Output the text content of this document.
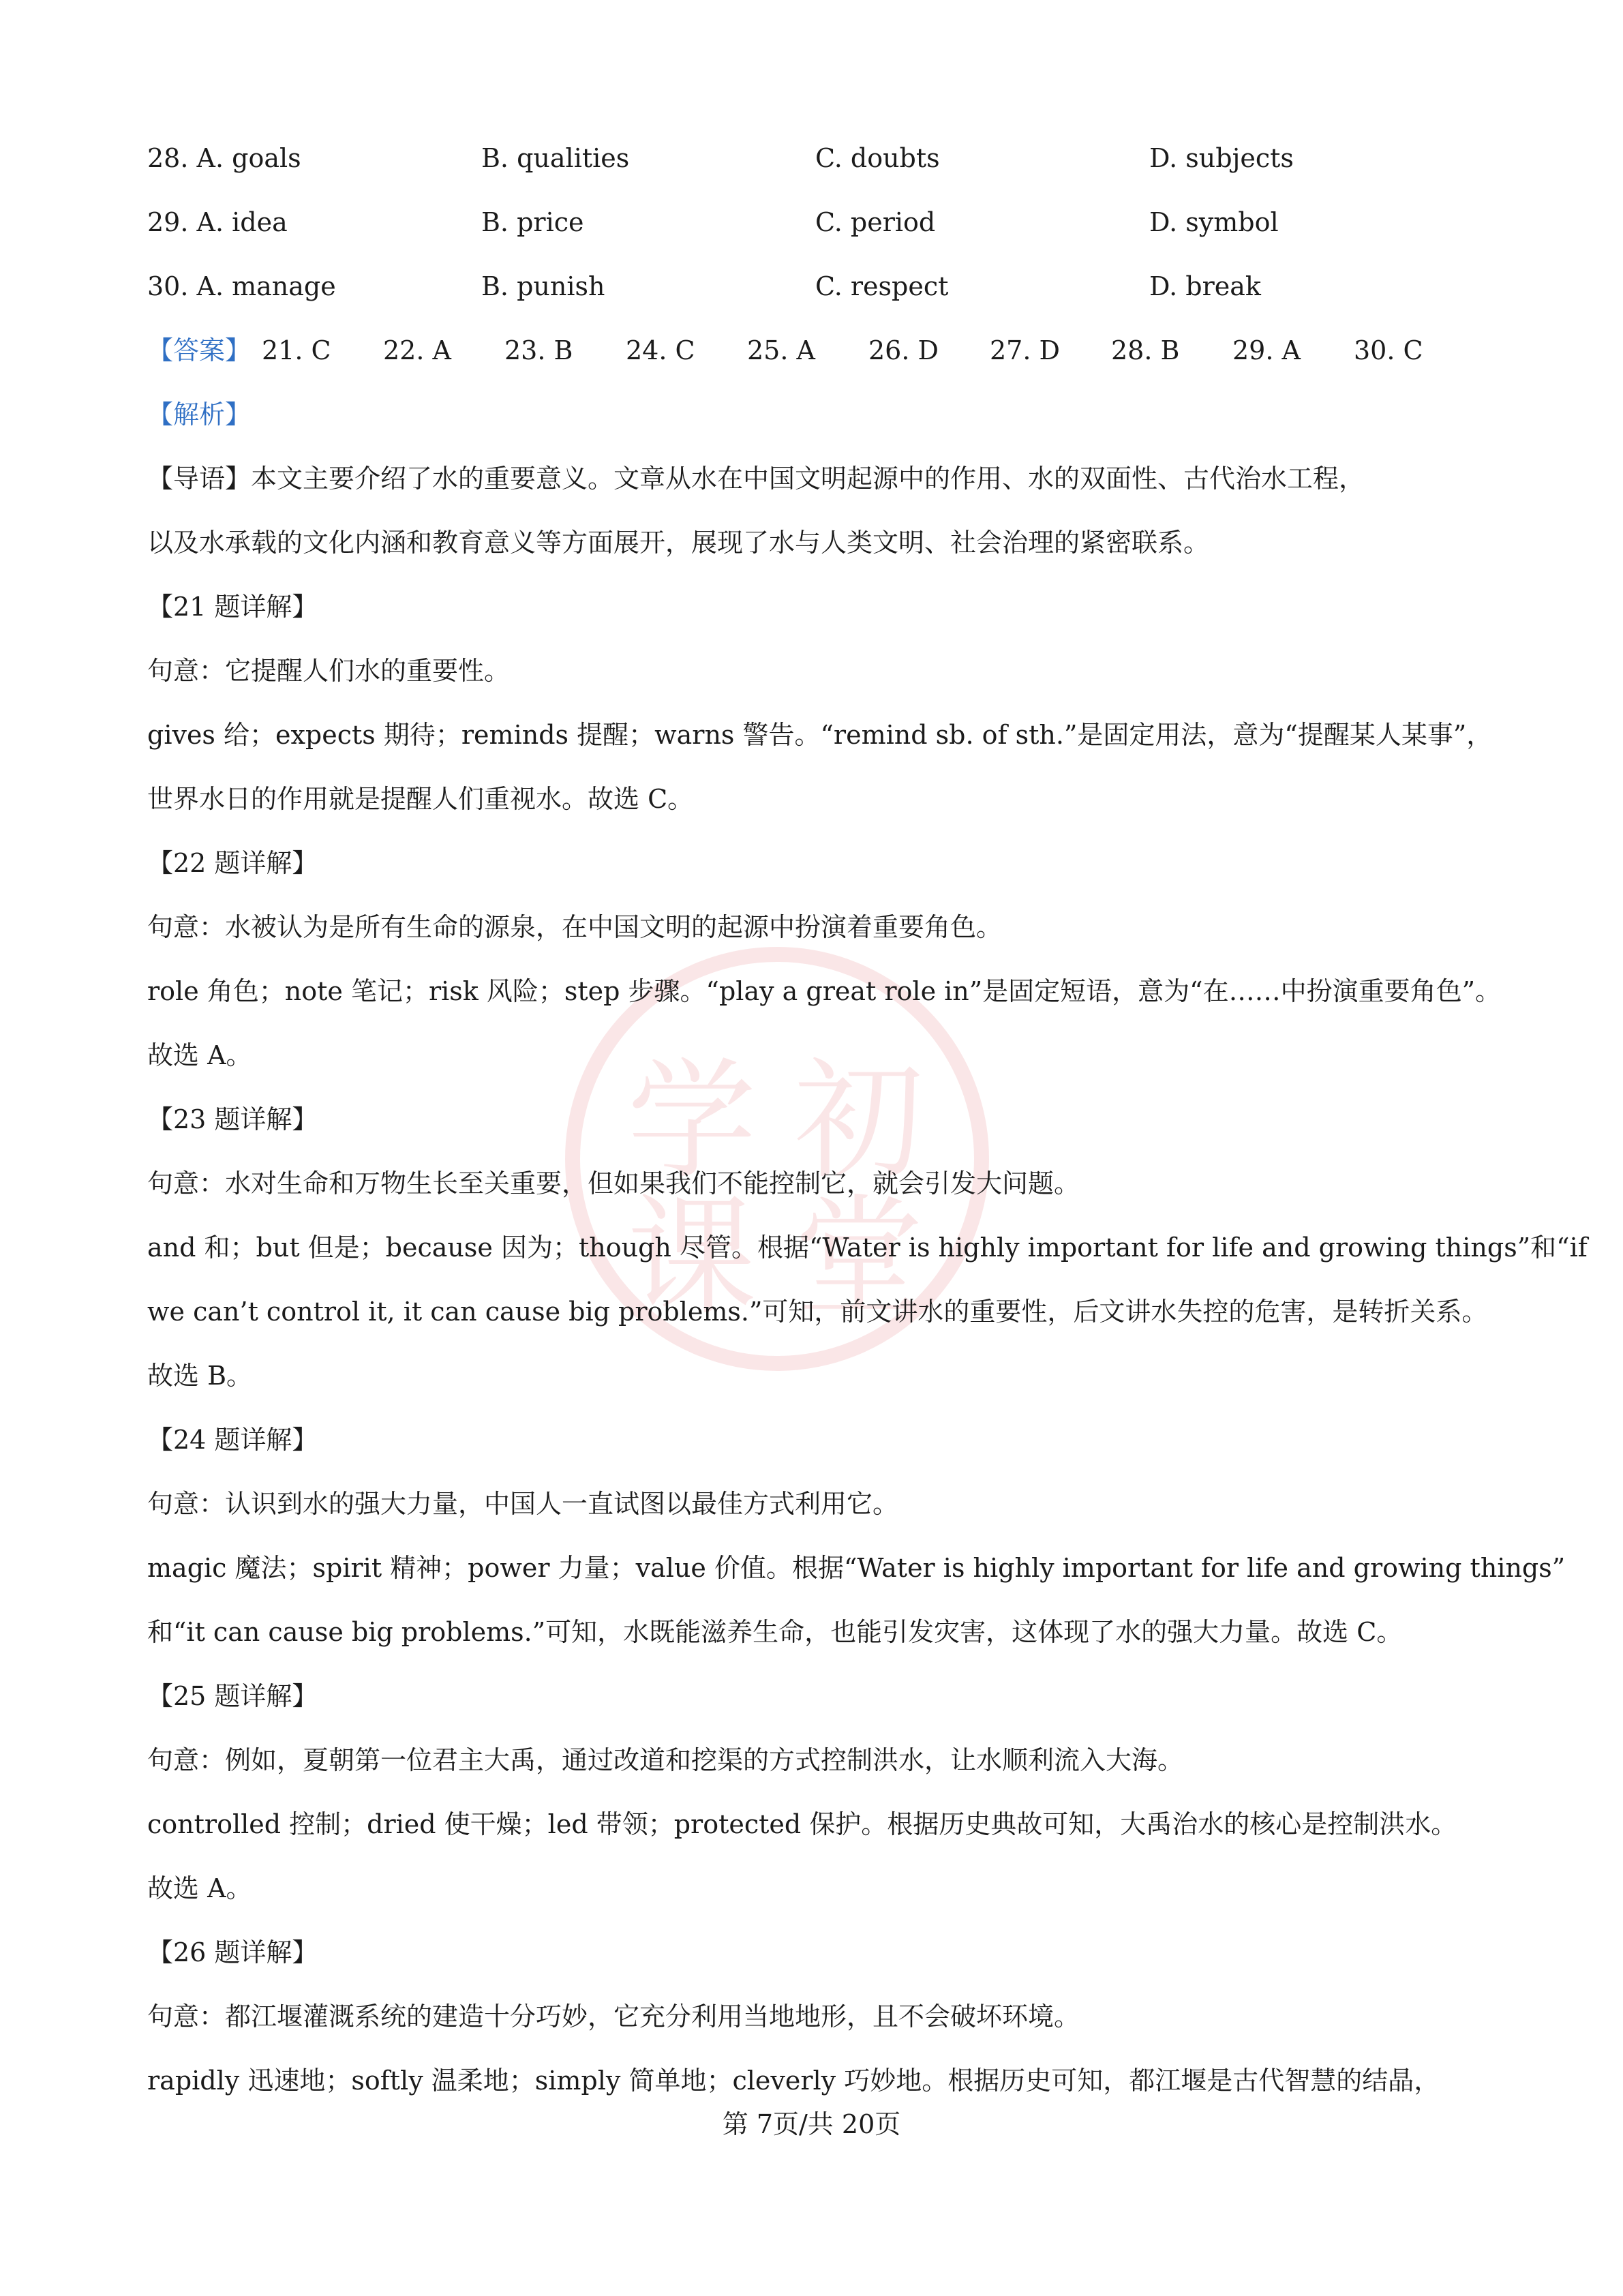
学 初
课 堂
28. A. goals	B. qualities	C. doubts	D. subjects
29. A. idea	B. price	C. period	D. symbol
30. A. manage	B. punish	C. respect	D. break
【答案】 21. C 22. A 23. B 24. C 25. A 26. D 27. D 28. B 29. A 30. C
【解析】
【导语】本文主要介绍了水的重要意义。文章从水在中国文明起源中的作用、水的双面性、古代治水工程，
以及水承载的文化内涵和教育意义等方面展开，展现了水与人类文明、社会治理的紧密联系。
【21 题详解】
句意：它提醒人们水的重要性。
gives 给；expects 期待；reminds 提醒；warns 警告。“remind sb. of sth.”是固定用法，意为“提醒某人某事”，
世界水日的作用就是提醒人们重视水。故选 C。
【22 题详解】
句意：水被认为是所有生命的源泉，在中国文明的起源中扮演着重要角色。
role 角色；note 笔记；risk 风险；step 步骤。“play a great role in”是固定短语，意为“在……中扮演重要角色”。
故选 A。
【23 题详解】
句意：水对生命和万物生长至关重要，但如果我们不能控制它，就会引发大问题。
and 和；but 但是；because 因为；though 尽管。根据“Water is highly important for life and growing things”和“if
we can’t control it, it can cause big problems.”可知，前文讲水的重要性，后文讲水失控的危害，是转折关系。
故选 B。
【24 题详解】
句意：认识到水的强大力量，中国人一直试图以最佳方式利用它。
magic 魔法；spirit 精神；power 力量；value 价值。根据“Water is highly important for life and growing things”
和“it can cause big problems.”可知，水既能滋养生命，也能引发灾害，这体现了水的强大力量。故选 C。
【25 题详解】
句意：例如，夏朝第一位君主大禹，通过改道和挖渠的方式控制洪水，让水顺利流入大海。
controlled 控制；dried 使干燥；led 带领；protected 保护。根据历史典故可知，大禹治水的核心是控制洪水。
故选 A。
【26 题详解】
句意：都江堰灌溉系统的建造十分巧妙，它充分利用当地地形，且不会破坏环境。
rapidly 迅速地；softly 温柔地；simply 简单地；cleverly 巧妙地。根据历史可知，都江堰是古代智慧的结晶，
第 7页/共 20页
